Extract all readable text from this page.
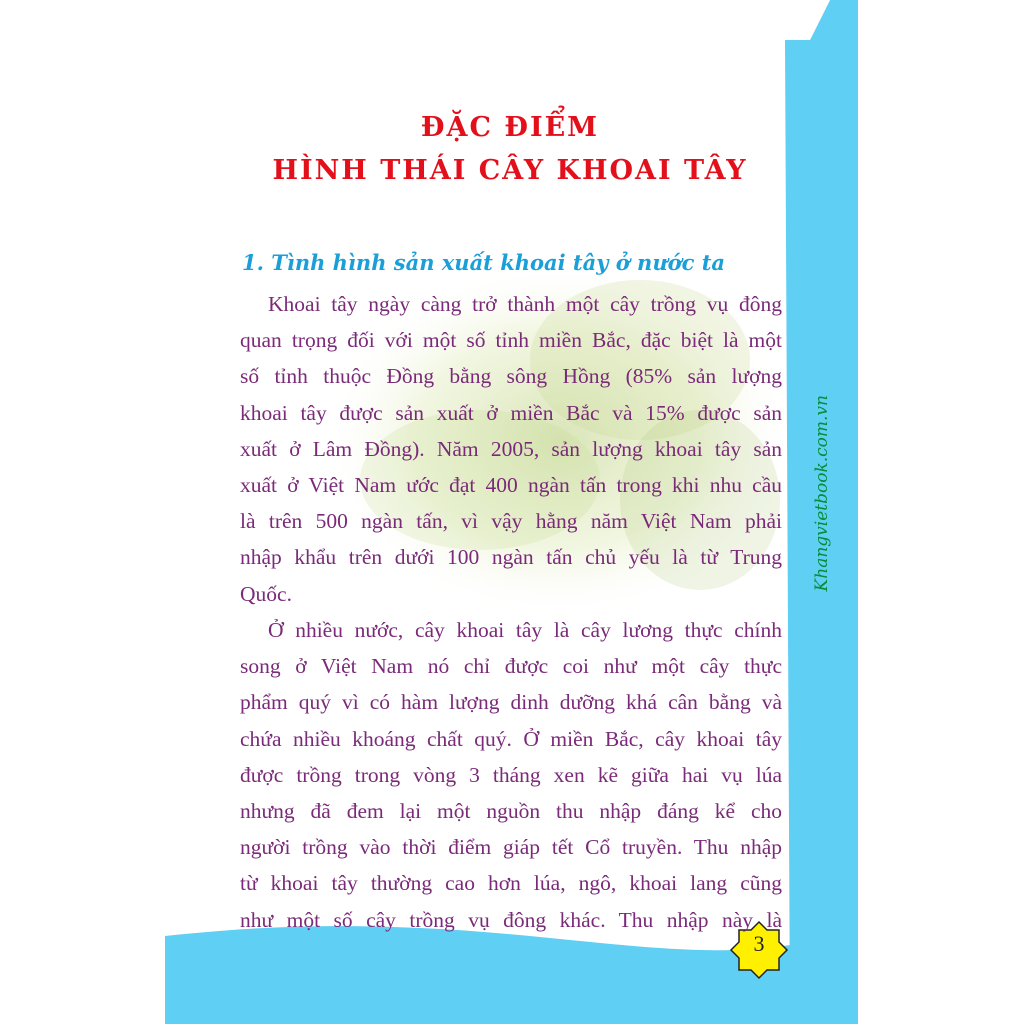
ĐẶC ĐIỂM
HÌNH THÁI CÂY KHOAI TÂY
1. Tình hình sản xuất khoai tây ở nước ta
Khoai tây ngày càng trở thành một cây trồng vụ đông
quan trọng đối với một số tỉnh miền Bắc, đặc biệt là một
số tỉnh thuộc Đồng bằng sông Hồng (85% sản lượng
khoai tây được sản xuất ở miền Bắc và 15% được sản
xuất ở Lâm Đồng). Năm 2005, sản lượng khoai tây sản
xuất ở Việt Nam ước đạt 400 ngàn tấn trong khi nhu cầu
là trên 500 ngàn tấn, vì vậy hằng năm Việt Nam phải
nhập khẩu trên dưới 100 ngàn tấn chủ yếu là từ Trung
Quốc.
Ở nhiều nước, cây khoai tây là cây lương thực chính
song ở Việt Nam nó chỉ được coi như một cây thực
phẩm quý vì có hàm lượng dinh dưỡng khá cân bằng và
chứa nhiều khoáng chất quý. Ở miền Bắc, cây khoai tây
được trồng trong vòng 3 tháng xen kẽ giữa hai vụ lúa
nhưng đã đem lại một nguồn thu nhập đáng kể cho
người trồng vào thời điểm giáp tết Cổ truyền. Thu nhập
từ khoai tây thường cao hơn lúa, ngô, khoai lang cũng
như một số cây trồng vụ đông khác. Thu nhập này là
Khangvietbook.com.vn
3
